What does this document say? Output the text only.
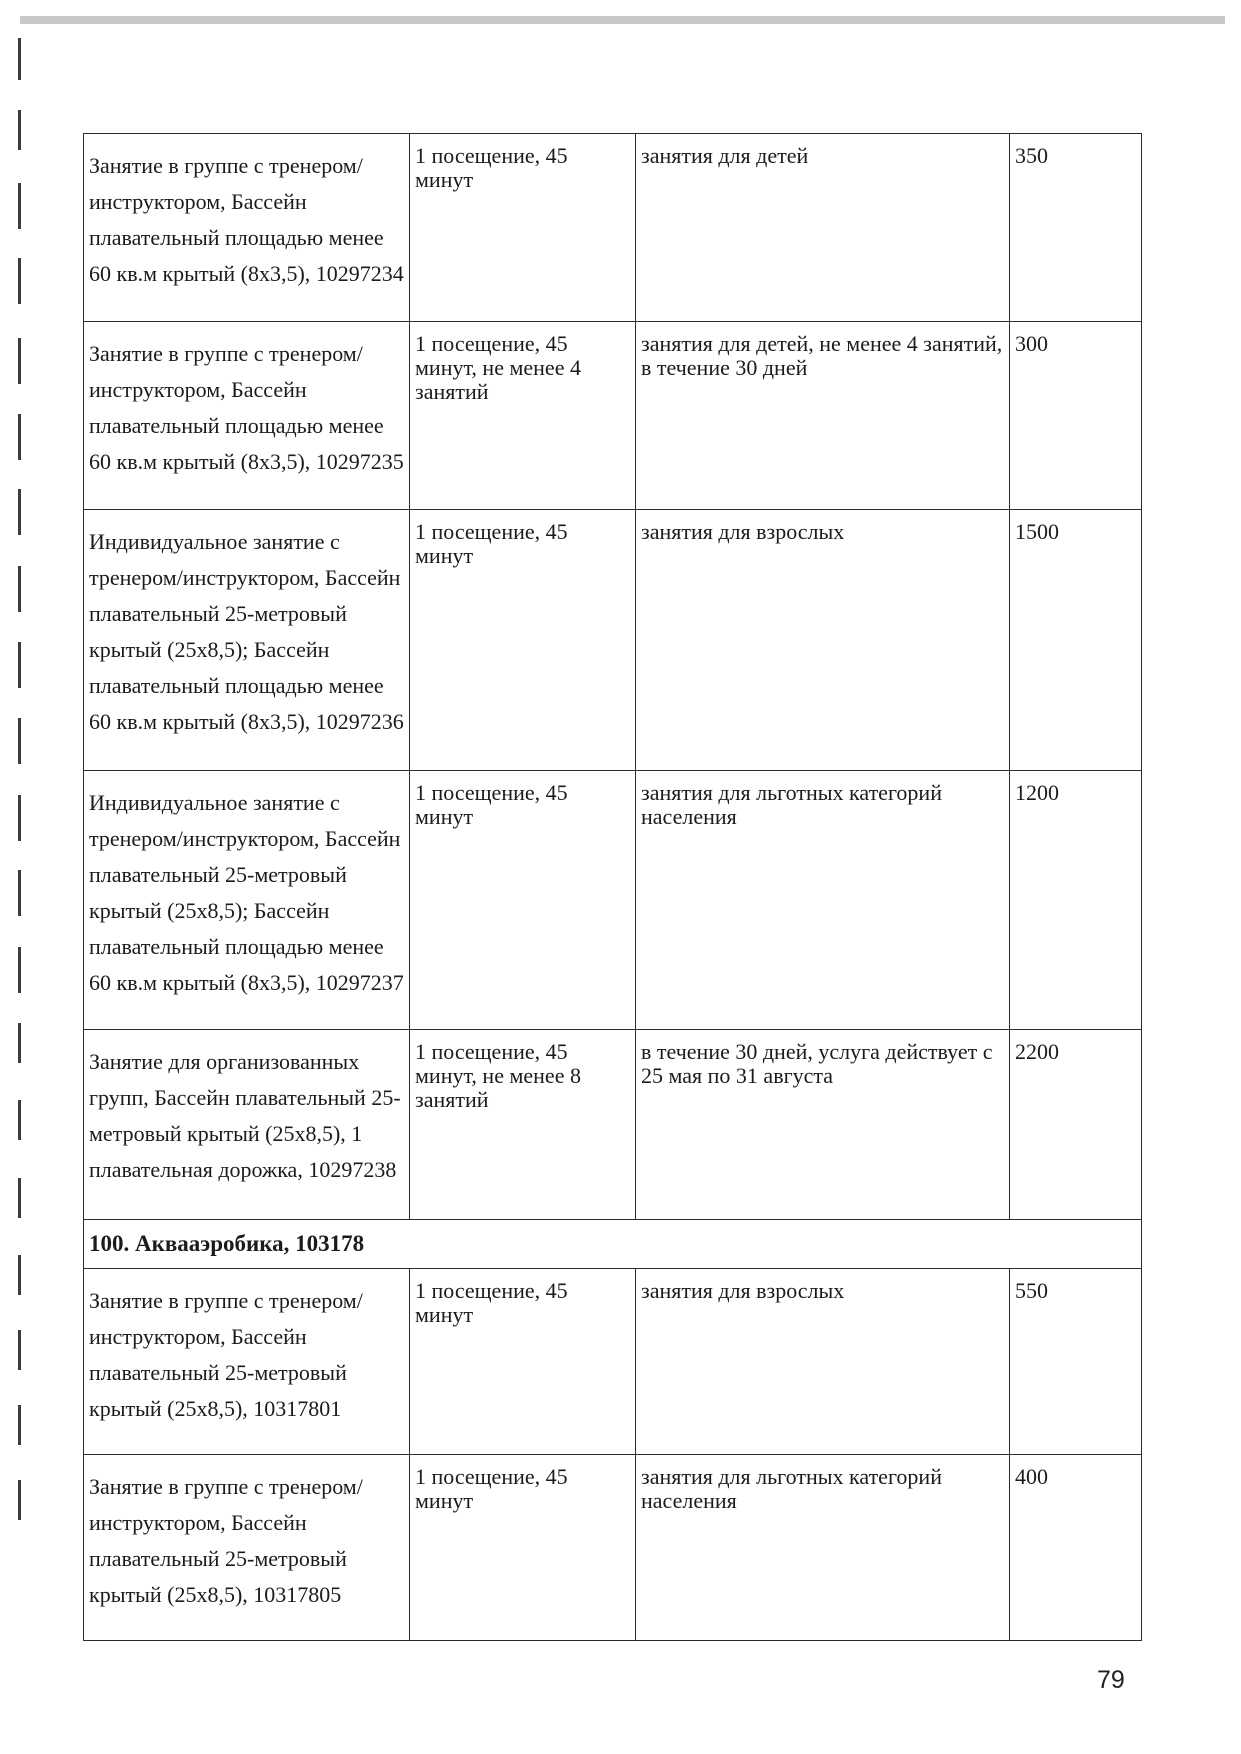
Занятие в группе с тренером/инструктором, Бассейн плавательный площадью менее 60 кв.м крытый (8х3,5), 10297234	1 посещение, 45 минут	занятия для детей	350
Занятие в группе с тренером/инструктором, Бассейн плавательный площадью менее 60 кв.м крытый (8х3,5), 10297235	1 посещение, 45 минут, не менее 4 занятий	занятия для детей, не менее 4 занятий, в течение 30 дней	300
Индивидуальное занятие с тренером/инструктором, Бассейн плавательный 25-метровый крытый (25х8,5); Бассейн плавательный площадью менее 60 кв.м крытый (8х3,5), 10297236	1 посещение, 45 минут	занятия для взрослых	1500
Индивидуальное занятие с тренером/инструктором, Бассейн плавательный 25-метровый крытый (25х8,5); Бассейн плавательный площадью менее 60 кв.м крытый (8х3,5), 10297237	1 посещение, 45 минут	занятия для льготных категорий населения	1200
Занятие для организованных групп, Бассейн плавательный 25-метровый крытый (25х8,5), 1 плавательная дорожка, 10297238	1 посещение, 45 минут, не менее 8 занятий	в течение 30 дней, услуга действует с 25 мая по 31 августа	2200
100. Аквааэробика, 103178			
Занятие в группе с тренером/инструктором, Бассейн плавательный 25-метровый крытый (25х8,5), 10317801	1 посещение, 45 минут	занятия для взрослых	550
Занятие в группе с тренером/инструктором, Бассейн плавательный 25-метровый крытый (25х8,5), 10317805	1 посещение, 45 минут	занятия для льготных категорий населения	400
79
